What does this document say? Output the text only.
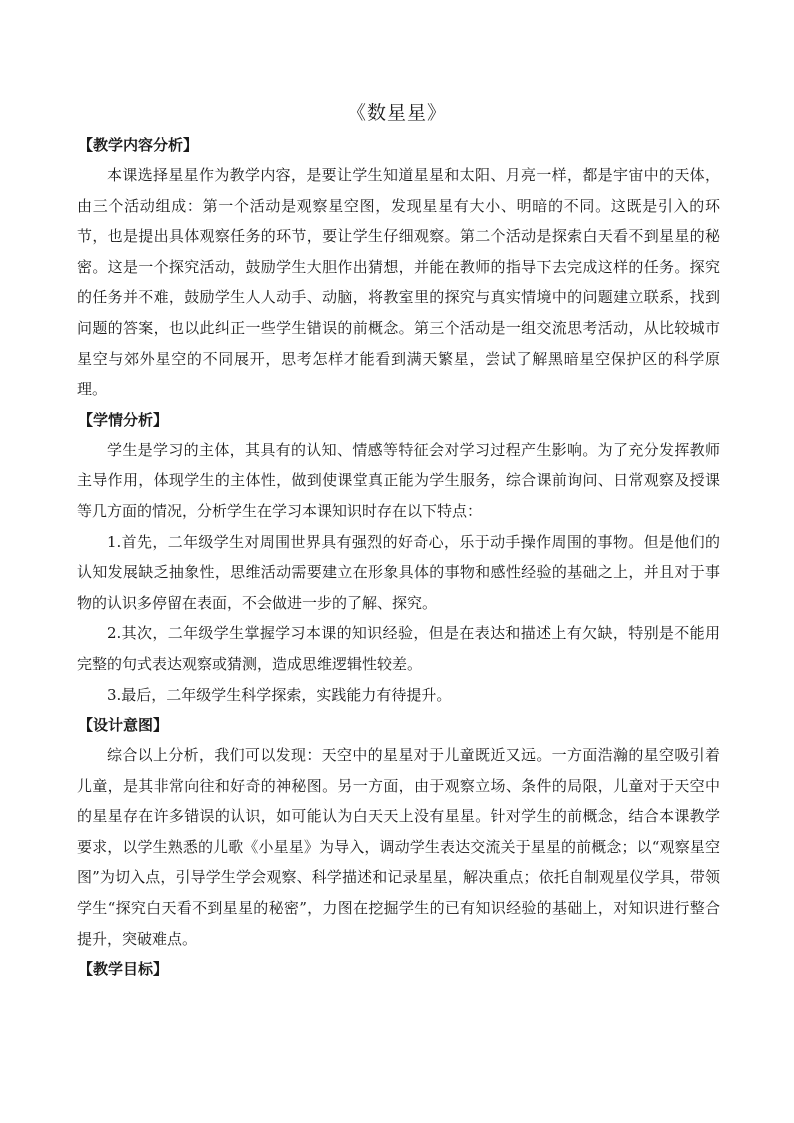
《数星星》
【教学内容分析】

本课选择星星作为教学内容，是要让学生知道星星和太阳、月亮一样，都是宇宙中的天体，由三个活动组成：第一个活动是观察星空图，发现星星有大小、明暗的不同。这既是引入的环节，也是提出具体观察任务的环节，要让学生仔细观察。第二个活动是探索白天看不到星星的秘密。这是一个探究活动，鼓励学生大胆作出猜想，并能在教师的指导下去完成这样的任务。探究的任务并不难，鼓励学生人人动手、动脑，将教室里的探究与真实情境中的问题建立联系，找到问题的答案，也以此纠正一些学生错误的前概念。第三个活动是一组交流思考活动，从比较城市星空与郊外星空的不同展开，思考怎样才能看到满天繁星，尝试了解黑暗星空保护区的科学原理。

【学情分析】

学生是学习的主体，其具有的认知、情感等特征会对学习过程产生影响。为了充分发挥教师主导作用，体现学生的主体性，做到使课堂真正能为学生服务，综合课前询问、日常观察及授课等几方面的情况，分析学生在学习本课知识时存在以下特点：

1.首先，二年级学生对周围世界具有强烈的好奇心，乐于动手操作周围的事物。但是他们的认知发展缺乏抽象性，思维活动需要建立在形象具体的事物和感性经验的基础之上，并且对于事物的认识多停留在表面，不会做进一步的了解、探究。

2.其次，二年级学生掌握学习本课的知识经验，但是在表达和描述上有欠缺，特别是不能用完整的句式表达观察或猜测，造成思维逻辑性较差。

3.最后，二年级学生科学探索，实践能力有待提升。

【设计意图】

综合以上分析，我们可以发现：天空中的星星对于儿童既近又远。一方面浩瀚的星空吸引着儿童，是其非常向往和好奇的神秘图。另一方面，由于观察立场、条件的局限，儿童对于天空中的星星存在许多错误的认识，如可能认为白天天上没有星星。针对学生的前概念，结合本课教学要求，以学生熟悉的儿歌《小星星》为导入，调动学生表达交流关于星星的前概念；以“观察星空图”为切入点，引导学生学会观察、科学描述和记录星星，解决重点；依托自制观星仪学具，带领学生“探究白天看不到星星的秘密”，力图在挖掘学生的已有知识经验的基础上，对知识进行整合提升，突破难点。

【教学目标】
